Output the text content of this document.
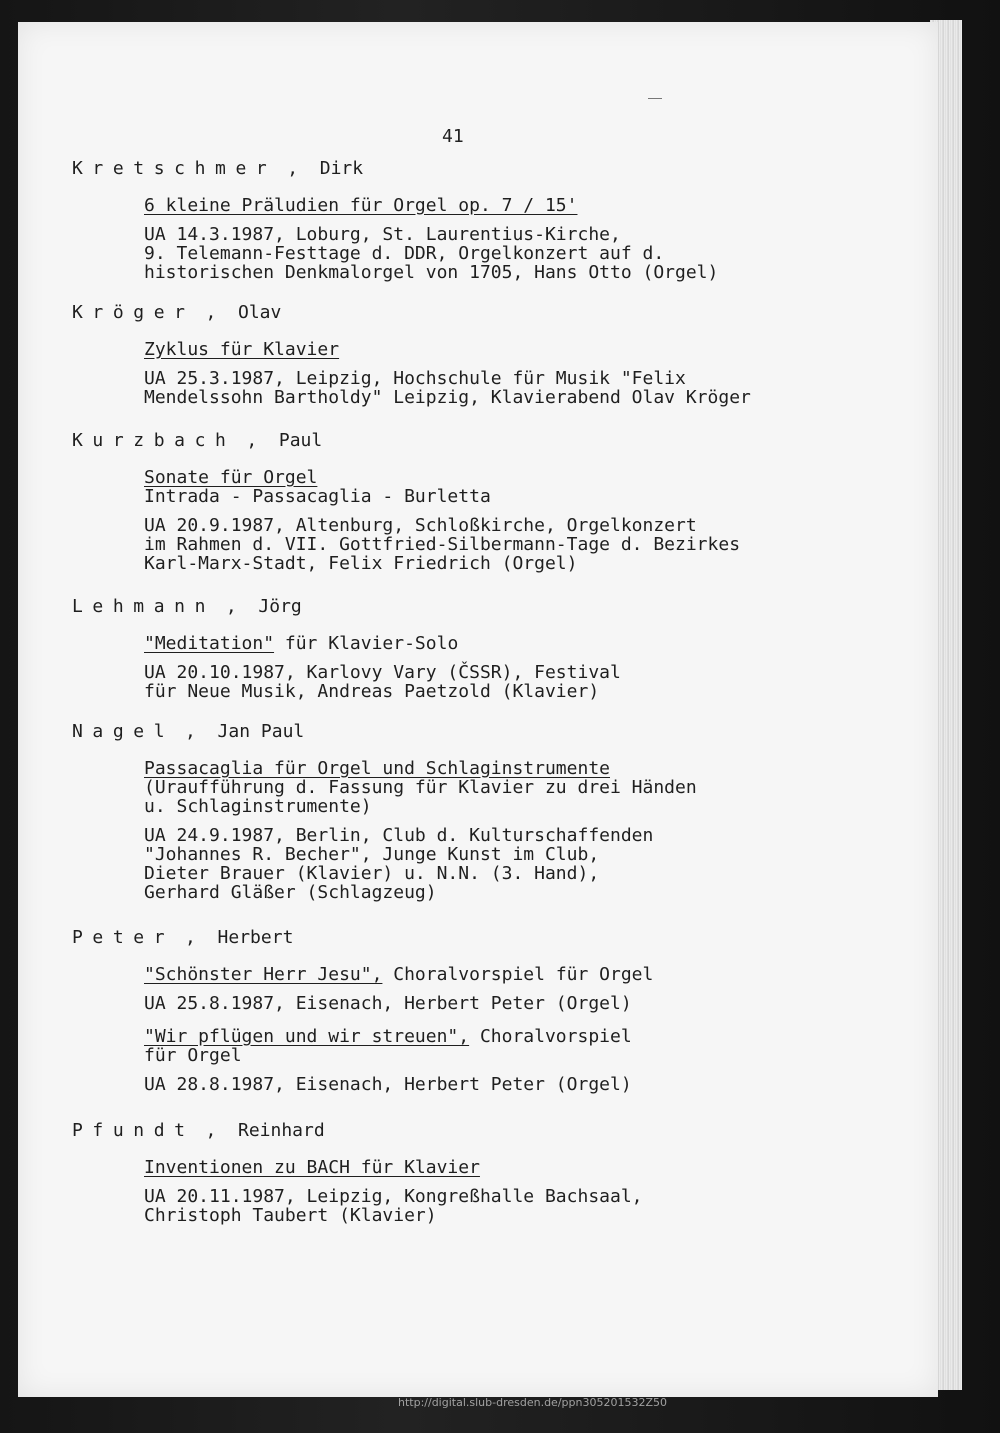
41
Kretschmer ,  Dirk
6 kleine Präludien für Orgel op. 7 / 15'
UA 14.3.1987, Loburg, St. Laurentius-Kirche,
9. Telemann-Festtage d. DDR, Orgelkonzert auf d.
historischen Denkmalorgel von 1705, Hans Otto (Orgel)
Kröger ,  Olav
Zyklus für Klavier
UA 25.3.1987, Leipzig, Hochschule für Musik "Felix
Mendelssohn Bartholdy" Leipzig, Klavierabend Olav Kröger
Kurzbach ,  Paul
Sonate für Orgel
Intrada - Passacaglia - Burletta
UA 20.9.1987, Altenburg, Schloßkirche, Orgelkonzert
im Rahmen d. VII. Gottfried-Silbermann-Tage d. Bezirkes
Karl-Marx-Stadt, Felix Friedrich (Orgel)
Lehmann ,  Jörg
"Meditation" für Klavier-Solo
UA 20.10.1987, Karlovy Vary (ČSSR), Festival
für Neue Musik, Andreas Paetzold (Klavier)
Nagel ,  Jan Paul
Passacaglia für Orgel und Schlaginstrumente
(Uraufführung d. Fassung für Klavier zu drei Händen
u. Schlaginstrumente)
UA 24.9.1987, Berlin, Club d. Kulturschaffenden
"Johannes R. Becher", Junge Kunst im Club,
Dieter Brauer (Klavier) u. N.N. (3. Hand),
Gerhard Gläßer (Schlagzeug)
Peter ,  Herbert
"Schönster Herr Jesu", Choralvorspiel für Orgel
UA 25.8.1987, Eisenach, Herbert Peter (Orgel)
"Wir pflügen und wir streuen", Choralvorspiel
für Orgel
UA 28.8.1987, Eisenach, Herbert Peter (Orgel)
Pfundt ,  Reinhard
Inventionen zu BACH für Klavier
UA 20.11.1987, Leipzig, Kongreßhalle Bachsaal,
Christoph Taubert (Klavier)
http://digital.slub-dresden.de/ppn305201532Z50
